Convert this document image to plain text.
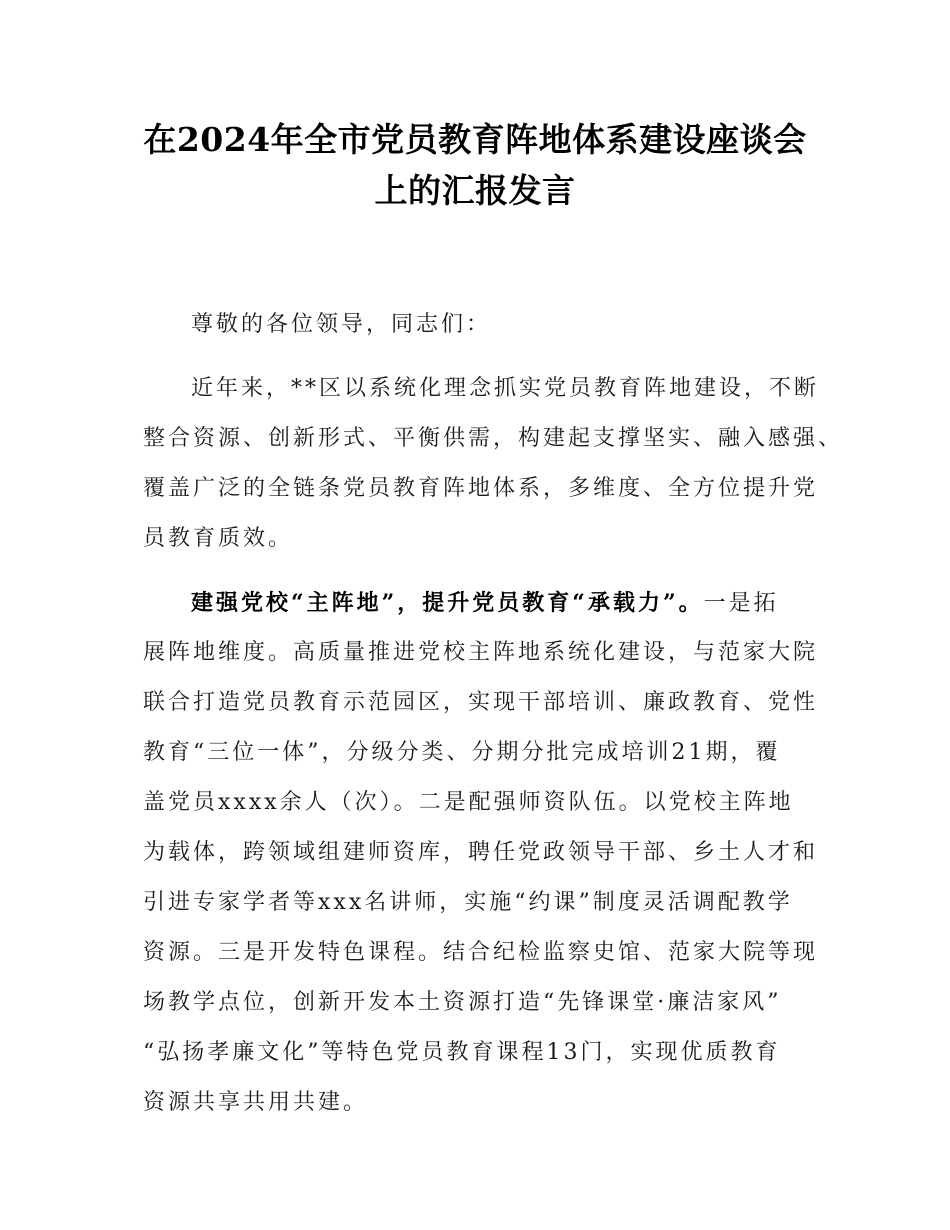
在2024年全市党员教育阵地体系建设座谈会
上的汇报发言
尊敬的各位领导，同志们：
近年来，**区以系统化理念抓实党员教育阵地建设，不断
整合资源、创新形式、平衡供需，构建起支撑坚实、融入感强、
覆盖广泛的全链条党员教育阵地体系，多维度、全方位提升党
员教育质效。
建强党校“主阵地”，提升党员教育“承载力”。一是拓
展阵地维度。高质量推进党校主阵地系统化建设，与范家大院
联合打造党员教育示范园区，实现干部培训、廉政教育、党性
教育“三位一体”，分级分类、分期分批完成培训21期，覆
盖党员xxxx余人（次）。二是配强师资队伍。以党校主阵地
为载体，跨领域组建师资库，聘任党政领导干部、乡土人才和
引进专家学者等xxx名讲师，实施“约课”制度灵活调配教学
资源。三是开发特色课程。结合纪检监察史馆、范家大院等现
场教学点位，创新开发本土资源打造“先锋课堂·廉洁家风”
“弘扬孝廉文化”等特色党员教育课程13门，实现优质教育
资源共享共用共建。
